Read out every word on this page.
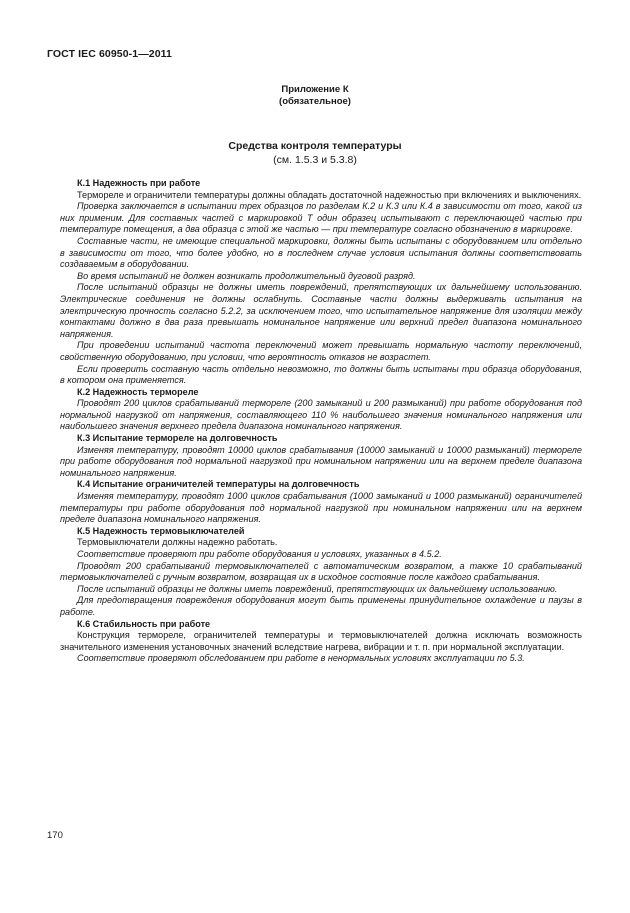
ГОСТ IEC 60950-1—2011
Приложение К
(обязательное)
Средства контроля температуры
(см. 1.5.3 и 5.3.8)
К.1 Надежность при работе

Термореле и ограничители температуры должны обладать достаточной надежностью при включениях и выключениях.

Проверка заключается в испытании трех образцов по разделам К.2 и К.3 или К.4 в зависимости от того, какой из них применим. Для составных частей с маркировкой T один образец испытывают с переключающей частью при температуре помещения, а два образца с этой же частью — при температуре согласно обозначению в маркировке.

Составные части, не имеющие специальной маркировки, должны быть испытаны с оборудованием или отдельно в зависимости от того, что более удобно, но в последнем случае условия испытания должны соответствовать создаваемым в оборудовании.

Во время испытаний не должен возникать продолжительный дуговой разряд.

После испытаний образцы не должны иметь повреждений, препятствующих их дальнейшему использованию. Электрические соединения не должны ослабнуть. Составные части должны выдерживать испытания на электрическую прочность согласно 5.2.2, за исключением того, что испытательное напряжение для изоляции между контактами должно в два раза превышать номинальное напряжение или верхний предел диапазона номинального напряжения.

При проведении испытаний частота переключений может превышать нормальную частоту переключений, свойственную оборудованию, при условии, что вероятность отказов не возрастет.

Если проверить составную часть отдельно невозможно, то должны быть испытаны три образца оборудования, в котором она применяется.

К.2 Надежность термореле

Проводят 200 циклов срабатываний термореле (200 замыканий и 200 размыканий) при работе оборудования под нормальной нагрузкой от напряжения, составляющего 110 % наибольшего значения номинального напряжения или наибольшего значения верхнего предела диапазона номинального напряжения.

К.3 Испытание термореле на долговечность

Изменяя температуру, проводят 10000 циклов срабатывания (10000 замыканий и 10000 размыканий) термореле при работе оборудования под нормальной нагрузкой при номинальном напряжении или на верхнем пределе диапазона номинального напряжения.

К.4 Испытание ограничителей температуры на долговечность

Изменяя температуру, проводят 1000 циклов срабатывания (1000 замыканий и 1000 размыканий) ограничителей температуры при работе оборудования под нормальной нагрузкой при номинальном напряжении или на верхнем пределе диапазона номинального напряжения.

К.5 Надежность термовыключателей

Термовыключатели должны надежно работать.

Соответствие проверяют при работе оборудования и условиях, указанных в 4.5.2.

Проводят 200 срабатываний термовыключателей с автоматическим возвратом, а также 10 срабатываний термовыключателей с ручным возвратом, возвращая их в исходное состояние после каждого срабатывания.

После испытаний образцы не должны иметь повреждений, препятствующих их дальнейшему использованию.

Для предотвращения повреждения оборудования могут быть применены принудительное охлаждение и паузы в работе.

К.6 Стабильность при работе

Конструкция термореле, ограничителей температуры и термовыключателей должна исключать возможность значительного изменения установочных значений вследствие нагрева, вибрации и т. п. при нормальной эксплуатации.

Соответствие проверяют обследованием при работе в ненормальных условиях эксплуатации по 5.3.

170
